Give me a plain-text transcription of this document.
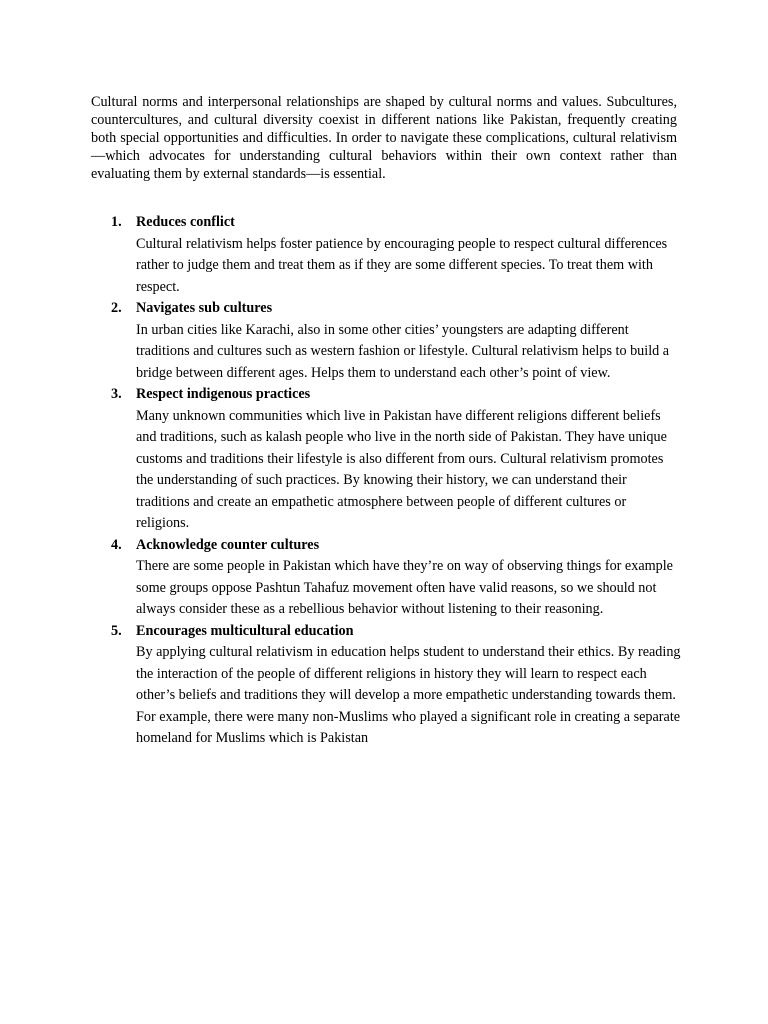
Cultural norms and interpersonal relationships are shaped by cultural norms and values. Subcultures, countercultures, and cultural diversity coexist in different nations like Pakistan, frequently creating both special opportunities and difficulties. In order to navigate these complications, cultural relativism—which advocates for understanding cultural behaviors within their own context rather than evaluating them by external standards—is essential.

1. Reduces conflict
Cultural relativism helps foster patience by encouraging people to respect cultural differences rather to judge them and treat them as if they are some different species. To treat them with respect.
2. Navigates sub cultures
In urban cities like Karachi, also in some other cities’ youngsters are adapting different traditions and cultures such as western fashion or lifestyle. Cultural relativism helps to build a bridge between different ages. Helps them to understand each other’s point of view.
3. Respect indigenous practices
Many unknown communities which live in Pakistan have different religions different beliefs and traditions, such as kalash people who live in the north side of Pakistan. They have unique customs and traditions their lifestyle is also different from ours. Cultural relativism promotes the understanding of such practices. By knowing their history, we can understand their traditions and create an empathetic atmosphere between people of different cultures or religions.
4. Acknowledge counter cultures
There are some people in Pakistan which have they’re on way of observing things for example some groups oppose Pashtun Tahafuz movement often have valid reasons, so we should not always consider these as a rebellious behavior without listening to their reasoning.
5. Encourages multicultural education
By applying cultural relativism in education helps student to understand their ethics. By reading the interaction of the people of different religions in history they will learn to respect each other’s beliefs and traditions they will develop a more empathetic understanding towards them. For example, there were many non-Muslims who played a significant role in creating a separate homeland for Muslims which is Pakistan
